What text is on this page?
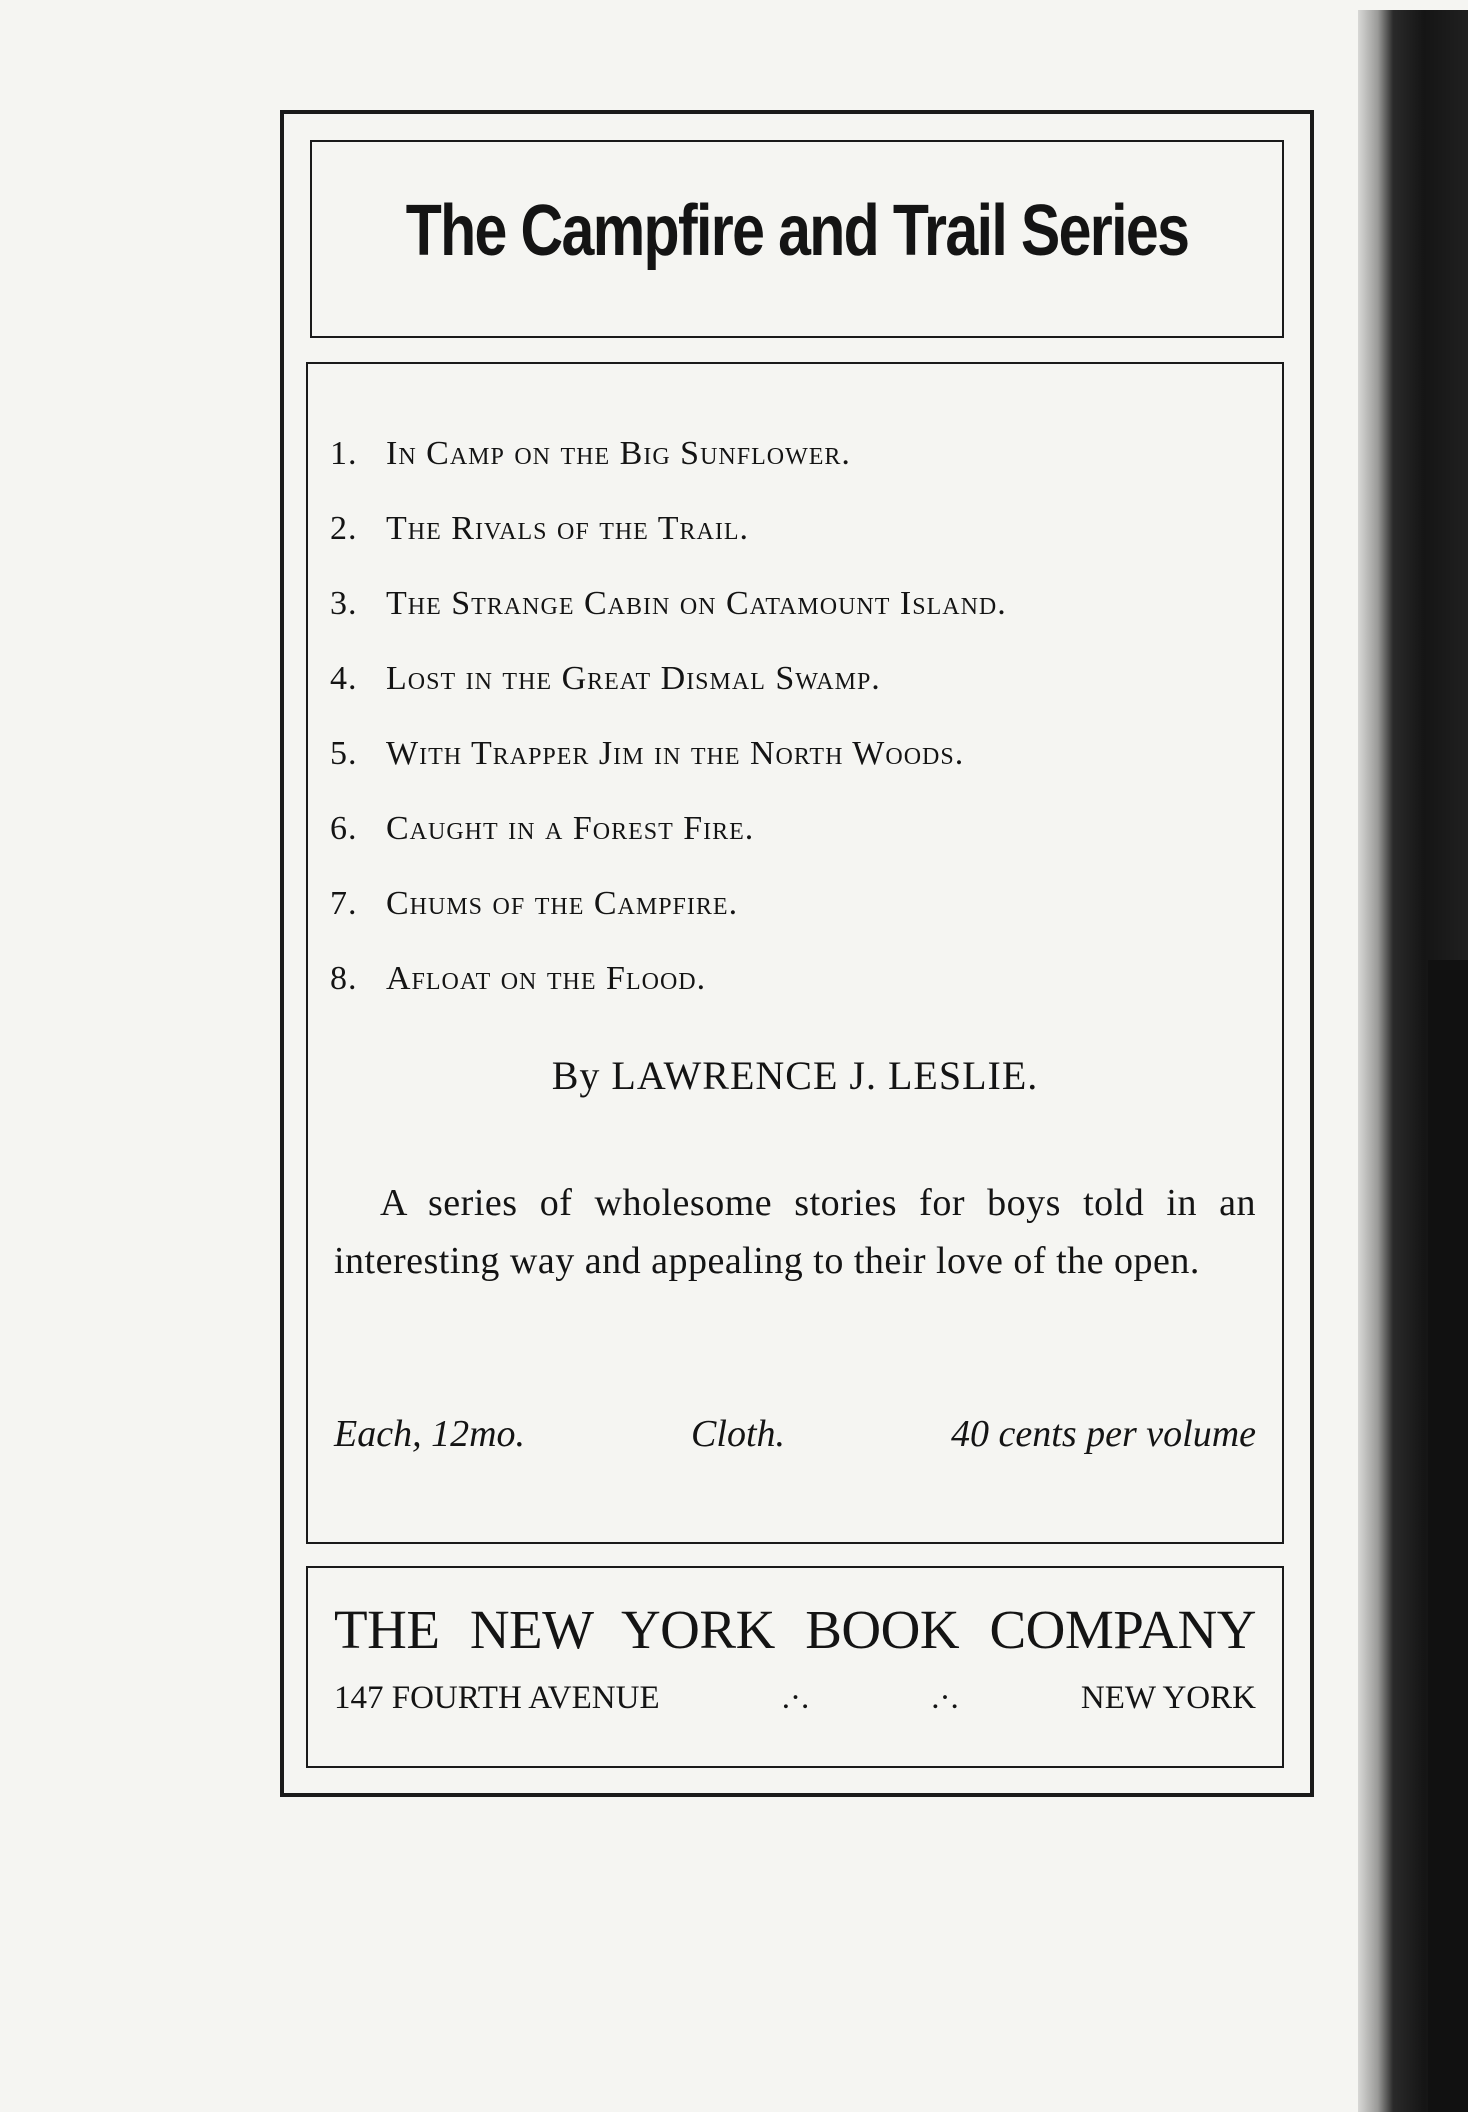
The Campfire and Trail Series
1. In Camp on the Big Sunflower.
2. The Rivals of the Trail.
3. The Strange Cabin on Catamount Island.
4. Lost in the Great Dismal Swamp.
5. With Trapper Jim in the North Woods.
6. Caught in a Forest Fire.
7. Chums of the Campfire.
8. Afloat on the Flood.
By LAWRENCE J. LESLIE.

A series of wholesome stories for boys told in an interesting way and appealing to their love of the open.

Each, 12mo.	Cloth.	40 cents per volume
THE NEW YORK BOOK COMPANY
147 FOURTH AVENUE	.·.	.·.	NEW YORK
